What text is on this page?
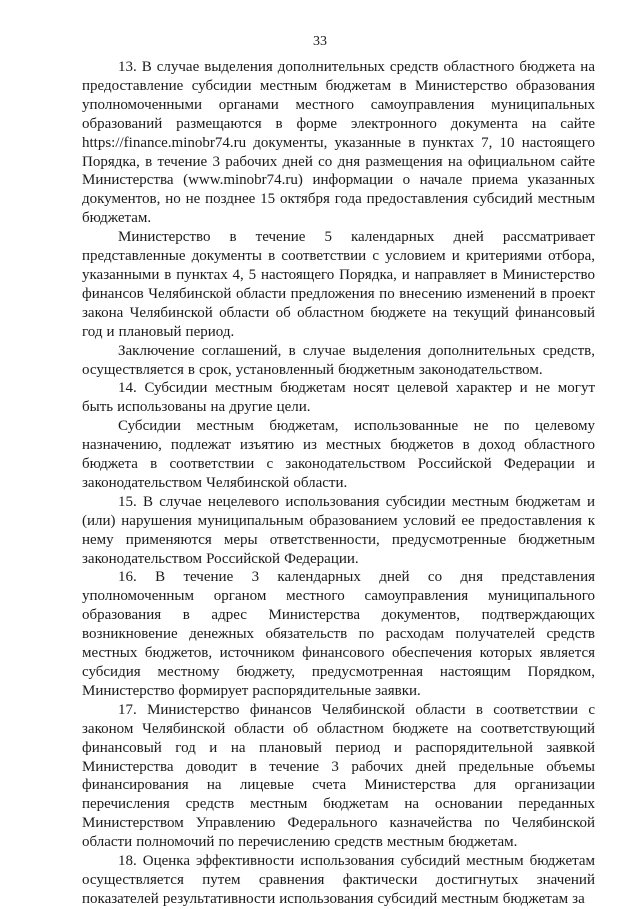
33

13. В случае выделения дополнительных средств областного бюджета на предоставление субсидии местным бюджетам в Министерство образования уполномоченными органами местного самоуправления муниципальных образований размещаются в форме электронного документа на сайте https://finance.minobr74.ru документы, указанные в пунктах 7, 10 настоящего Порядка, в течение 3 рабочих дней со дня размещения на официальном сайте Министерства (www.minobr74.ru) информации о начале приема указанных документов, но не позднее 15 октября года предоставления субсидий местным бюджетам.

Министерство в течение 5 календарных дней рассматривает представленные документы в соответствии с условием и критериями отбора, указанными в пунктах 4, 5 настоящего Порядка, и направляет в Министерство финансов Челябинской области предложения по внесению изменений в проект закона Челябинской области об областном бюджете на текущий финансовый год и плановый период.

Заключение соглашений, в случае выделения дополнительных средств, осуществляется в срок, установленный бюджетным законодательством.

14. Субсидии местным бюджетам носят целевой характер и не могут быть использованы на другие цели.

Субсидии местным бюджетам, использованные не по целевому назначению, подлежат изъятию из местных бюджетов в доход областного бюджета в соответствии с законодательством Российской Федерации и законодательством Челябинской области.

15. В случае нецелевого использования субсидии местным бюджетам и (или) нарушения муниципальным образованием условий ее предоставления к нему применяются меры ответственности, предусмотренные бюджетным законодательством Российской Федерации.

16. В течение 3 календарных дней со дня представления уполномоченным органом местного самоуправления муниципального образования в адрес Министерства документов, подтверждающих возникновение денежных обязательств по расходам получателей средств местных бюджетов, источником финансового обеспечения которых является субсидия местному бюджету, предусмотренная настоящим Порядком, Министерство формирует распорядительные заявки.

17. Министерство финансов Челябинской области в соответствии с законом Челябинской области об областном бюджете на соответствующий финансовый год и на плановый период и распорядительной заявкой Министерства доводит в течение 3 рабочих дней предельные объемы финансирования на лицевые счета Министерства для организации перечисления средств местным бюджетам на основании переданных Министерством Управлению Федерального казначейства по Челябинской области полномочий по перечислению средств местным бюджетам.

18. Оценка эффективности использования субсидий местным бюджетам осуществляется путем сравнения фактически достигнутых значений показателей результативности использования субсидий местным бюджетам за
